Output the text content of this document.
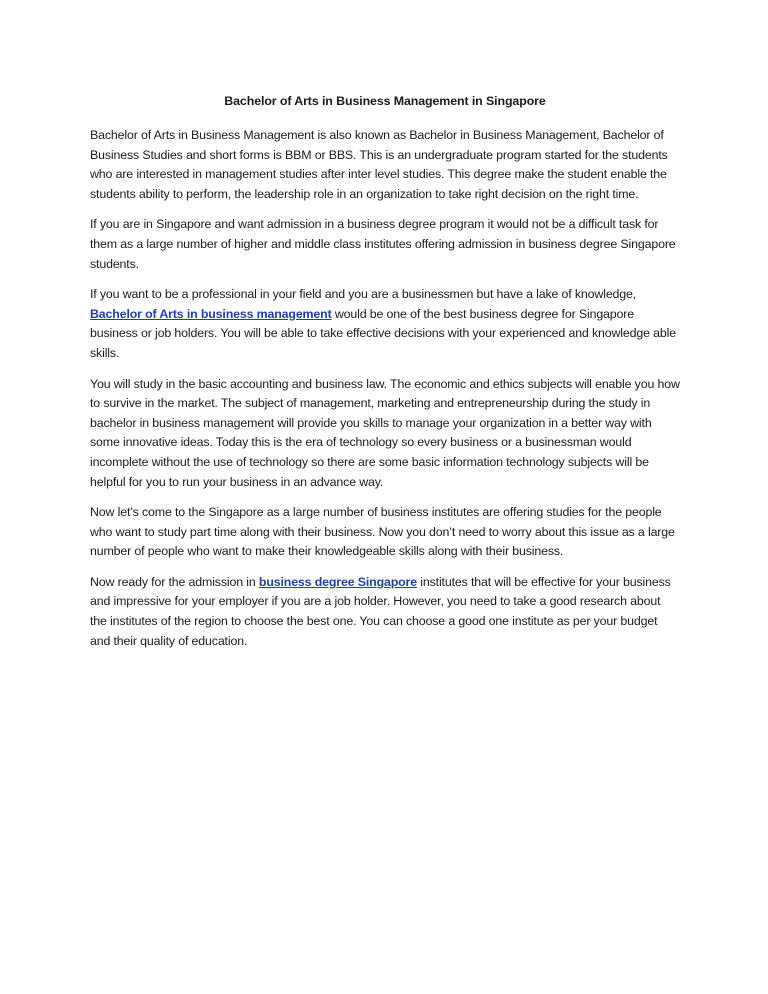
Bachelor of Arts in Business Management in Singapore

Bachelor of Arts in Business Management is also known as Bachelor in Business Management, Bachelor of Business Studies and short forms is BBM or BBS. This is an undergraduate program started for the students who are interested in management studies after inter level studies. This degree make the student enable the students ability to perform, the leadership role in an organization to take right decision on the right time.

If you are in Singapore and want admission in a business degree program it would not be a difficult task for them as a large number of higher and middle class institutes offering admission in business degree Singapore students.

If you want to be a professional in your field and you are a businessmen but have a lake of knowledge, Bachelor of Arts in business management would be one of the best business degree for Singapore business or job holders. You will be able to take effective decisions with your experienced and knowledge able skills.

You will study in the basic accounting and business law. The economic and ethics subjects will enable you how to survive in the market. The subject of management, marketing and entrepreneurship during the study in bachelor in business management will provide you skills to manage your organization in a better way with some innovative ideas. Today this is the era of technology so every business or a businessman would incomplete without the use of technology so there are some basic information technology subjects will be helpful for you to run your business in an advance way.

Now let’s come to the Singapore as a large number of business institutes are offering studies for the people who want to study part time along with their business. Now you don’t need to worry about this issue as a large number of people who want to make their knowledgeable skills along with their business.

Now ready for the admission in business degree Singapore institutes that will be effective for your business and impressive for your employer if you are a job holder. However, you need to take a good research about the institutes of the region to choose the best one. You can choose a good one institute as per your budget and their quality of education.
